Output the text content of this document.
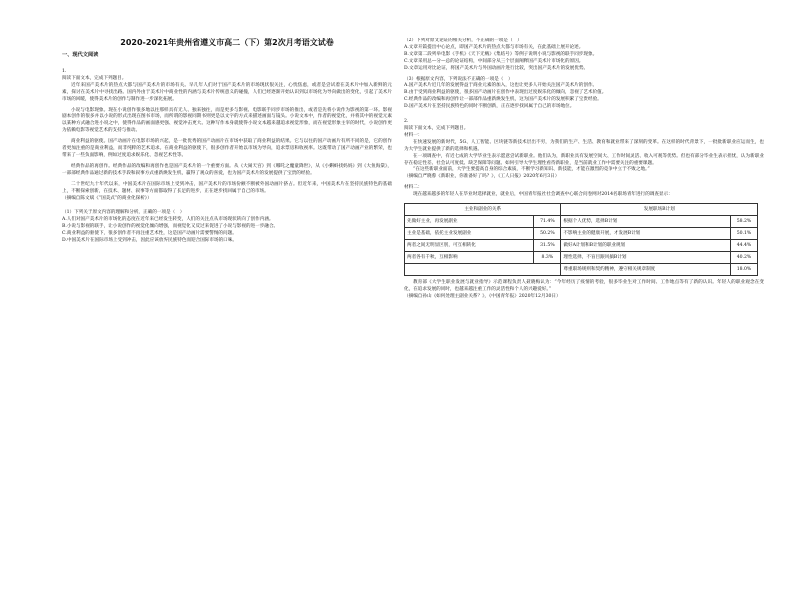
2020-2021年贵州省遵义市高二（下）第2次月考语文试卷
一、现代文阅读

1.

阅读下面文本，完成下列题目。

近年来国产美术片的热点大都与国产美术片的市场有关。早几年人们对于国产美术片的市场现状很关注，心忧焦虑，或者是尝试着在美术片中加入新鲜的元素，探讨在美术片中寻找出路。国内外由于美术片中商业性的内涵与美术片传统意义的碰撞，人们已经逐渐开始认识到以市场化为导向做出的变化，引起了美术片市场的回暖，使得美术片的创作与制作进一步深化拓展。

小说与电影现象。现在小说创作很多地以往那样具有无人、独来独往，而是更多与影视、电影联手同步市场的推出，或者是先将小说作为影视的第一环。影视剧本创作的很多并以小说的形式出现在图书市场，而所谓的影视同期书则更是以文字的方式来描述画面与镜头。小说文本中，作者的视觉化，并将其中的视觉元素以某种方式融合进小说之中，使得作品的画面感更强、视觉冲击更大。这种写作本身就使得小说文本越来越追求视觉形象，而在视觉形象主宰的时代，小说创作更为依赖电影等视觉艺术的支持与推动。

商业利益的驱使。国产动画片在电影市场的兴起，是一批优秀的国产动画片在市场中获取了商业利益的结果。它与以往的国产动画片有所不同的是，它的创作者更加注重的是商业利益，而非纯粹的艺术追求。在商业利益的驱使下，很多创作者开始以市场为导向，追求票房和收视率。这既带动了国产动画产业的繁荣，也带来了一些负面影响，例如过度追求娱乐化、忽视艺术性等。

经典作品的再创作。经典作品的改编和再创作也是国产美术片的一个重要方面。从《大闹天宫》到《哪吒之魔童降世》，从《小蝌蚪找妈妈》到《大鱼海棠》，一部部经典作品通过新的技术手段和叙事方式重新焕发生机，赢得了观众的喜爱，也为国产美术片的发展提供了宝贵的经验。

二十世纪九十年代以来，中国美术片在国际市场上受到冲击，国产美术片的市场份额不断被外国动画片挤占。但近年来，中国美术片在坚持民族特色的基础上，不断探索创新，在技术、题材、叙事等方面都取得了长足的进步，正在逐步找回属于自己的市场。

（摘编自陈文斌《“国美式”的商业化探析》）

（1）下列关于原文内容的理解和分析，正确的一项是（　）

A.人们对国产美术片的市场化的态度在近年来已经发生转变，人们的关注点从市场现状转向了创作内涵。

B.小说与影视的联手，让小说创作的视觉化倾向增强，而视觉化又反过来促进了小说与影视的进一步融合。

C.商业利益的驱使下，很多创作者不再注重艺术性，这是国产动画片需要警惕的问题。

D.中国美术片在国际市场上受到冲击，因此应该放弃民族特色而迎合国际市场的口味。

（2）下列对原文论证的相关分析，不正确的一项是（　）

A.文章开篇提出中心论点，即国产美术片的热点大都与市场有关，在此基础上展开论述。

B.文章第二段列举电影《手机》《天下无贼》《集结号》等例子说明小说与影视的联手同步现象。

C.文章采用总—分—总的论证结构，中间部分从三个层面阐释国产美术片市场化的原因。

D.文章运用对比论证，将国产美术片与外国动画片进行比较，突出国产美术片的发展优势。

（3）根据原文内容，下列说法不正确的一项是（　）

A.国产美术片近几年的发展得益于商业元素的加入，这也让更多人开始关注国产美术片的创作。

B.由于受到商业利益的驱使，很多国产动画片在创作中表现出过度娱乐化的倾向，忽视了艺术价值。

C.经典作品的改编和再创作让一部部作品重新焕发生机，这为国产美术片的发展积累了宝贵经验。

D.国产美术片在坚持民族特色的同时不断创新，正在逐步找回属于自己的市场地位。

2.

阅读下面文本，完成下列题目。

材料一：

在快速发展的新时代，5G、人工智能、区块链等新技术层出不穷，为我们的生产、生活、教育和就业带来了深刻的变革。在这样的时代背景下，一批批新职业应运而生，也为大学生就业提供了新的选择和机遇。

在一项调查中，有近七成的大学毕业生表示愿意尝试新职业。他们认为，新职业具有发展空间大、工作时间灵活、收入可观等优势。但也有部分毕业生表示担忧，认为新职业存在稳定性差、社会认可度低、缺乏保障等问题。如何引导大学生理性看待新职业，是当前就业工作中需要关注的重要课题。

“在这些新职业面前，大学生要提高自身的综合素质，不断学习新知识、新技能，才能在激烈的竞争中立于不败之地。”

（摘编自严晓蓉《新职业，你准备好了吗？》，《工人日报》2020年6月3日）

材料二：

现在越来越多的年轻人在毕业时选择就业，就业后，中国青年报社社会调查中心联合问卷网对2014名职场青年进行的调查显示：

主业和副业的关系		发展职场B计划	
先做好主业，再发展副业	71.4%	根据个人优势，选择B计划	58.2%
主业是基础，依托主业发展副业	50.2%	不影响主业的健康开展，才发展B计划	50.1%
两者之间无明显区别，可互相转化	31.5%	做好A计划和B计划的职业规划	44.4%
两者各有千秋，互相影响	8.3%	理性选择，不盲目跟风搞B计划	40.2%
		尊重职场规则和契约精神，遵守相关规章制度	18.0%

教育部《大学生职业发展与就业指导》示范课程负责人聂晓梅认为：“今年经历了疫情的考验，很多毕业生对工作时间、工作地点等有了新的认识。年轻人的职业观念在变化，在追求发展的同时，也越来越注重工作的灵活性和个人的兴趣爱好。”

（摘编自孙山《如何处理主副业关系？》，《中国青年报》2020年12月30日）
